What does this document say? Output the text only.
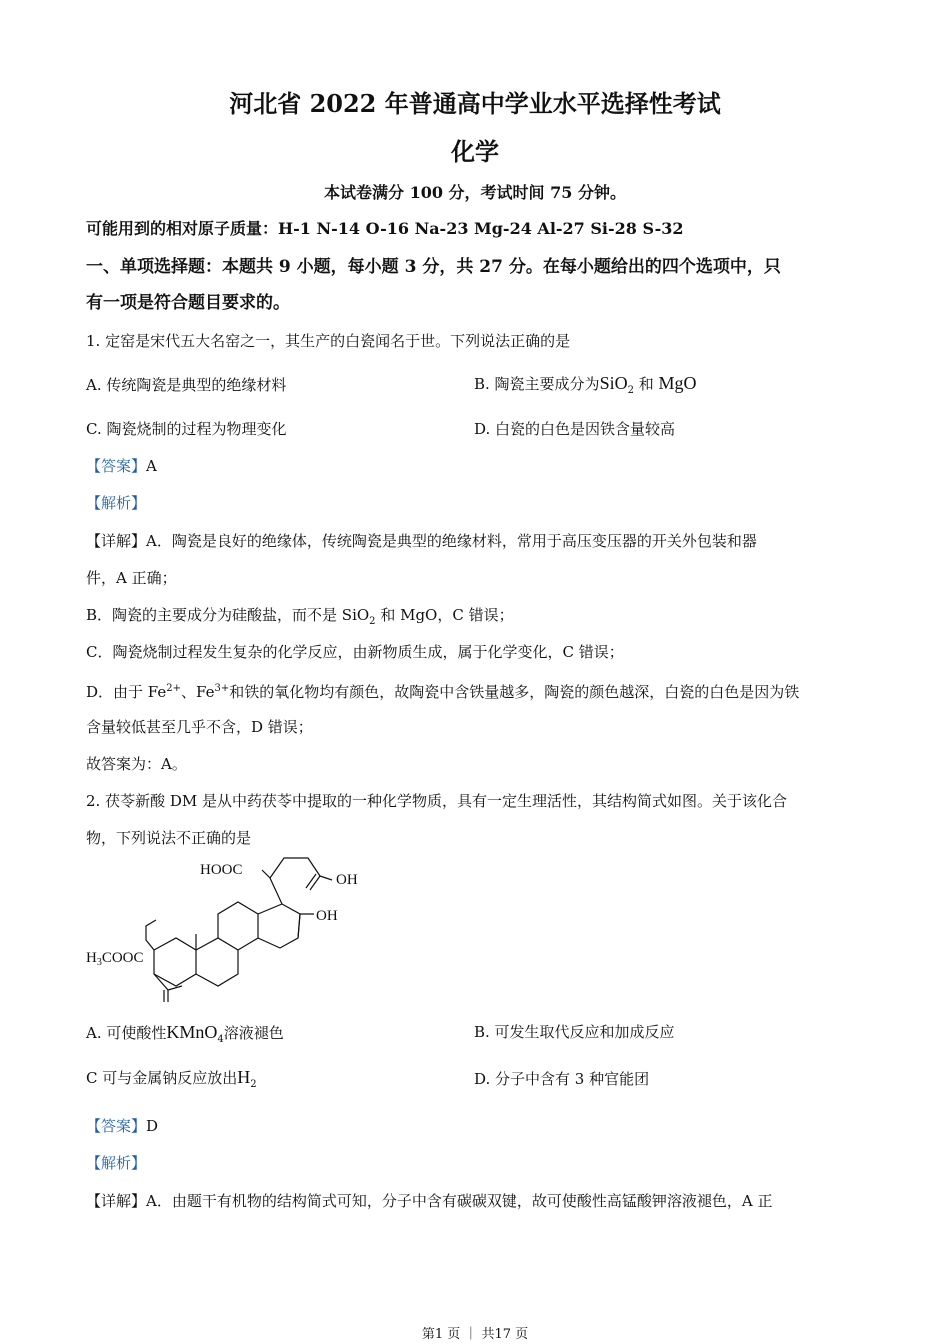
河北省 2022 年普通高中学业水平选择性考试
化学
本试卷满分 100 分，考试时间 75 分钟。
可能用到的相对原子质量：H-1 N-14 O-16 Na-23 Mg-24 Al-27 Si-28 S-32
一、单项选择题：本题共 9 小题，每小题 3 分，共 27 分。在每小题给出的四个选项中，只
有一项是符合题目要求的。
1. 定窑是宋代五大名窑之一，其生产的白瓷闻名于世。下列说法正确的是
A. 传统陶瓷是典型的绝缘材料	B. 陶瓷主要成分为SiO$_2$ 和 MgO
C. 陶瓷烧制的过程为物理变化	D. 白瓷的白色是因铁含量较高
【答案】A
【解析】
【详解】A．陶瓷是良好的绝缘体，传统陶瓷是典型的绝缘材料，常用于高压变压器的开关外包装和器
件，A 正确；
B．陶瓷的主要成分为硅酸盐，而不是 SiO$_2$ 和 MgO，C 错误；
C．陶瓷烧制过程发生复杂的化学反应，由新物质生成，属于化学变化，C 错误；
D．由于 $Fe^{2+}$、$Fe^{3+}$和铁的氧化物均有颜色，故陶瓷中含铁量越多，陶瓷的颜色越深，白瓷的白色是因为铁
含量较低甚至几乎不含，D 错误；
故答案为：A。
2. 茯苓新酸 DM 是从中药茯苓中提取的一种化学物质，具有一定生理活性，其结构简式如图。关于该化合
物，下列说法不正确的是
HOOC
OH
OH
$H_3COOC$
A. 可使酸性KMnO$_4$溶液褪色	B. 可发生取代反应和加成反应
C 可与金属钠反应放出$H_2$	D. 分子中含有 3 种官能团
【答案】D
【解析】
【详解】A．由题干有机物的结构简式可知，分子中含有碳碳双键，故可使酸性高锰酸钾溶液褪色，A 正
第1 页 ｜ 共17 页
